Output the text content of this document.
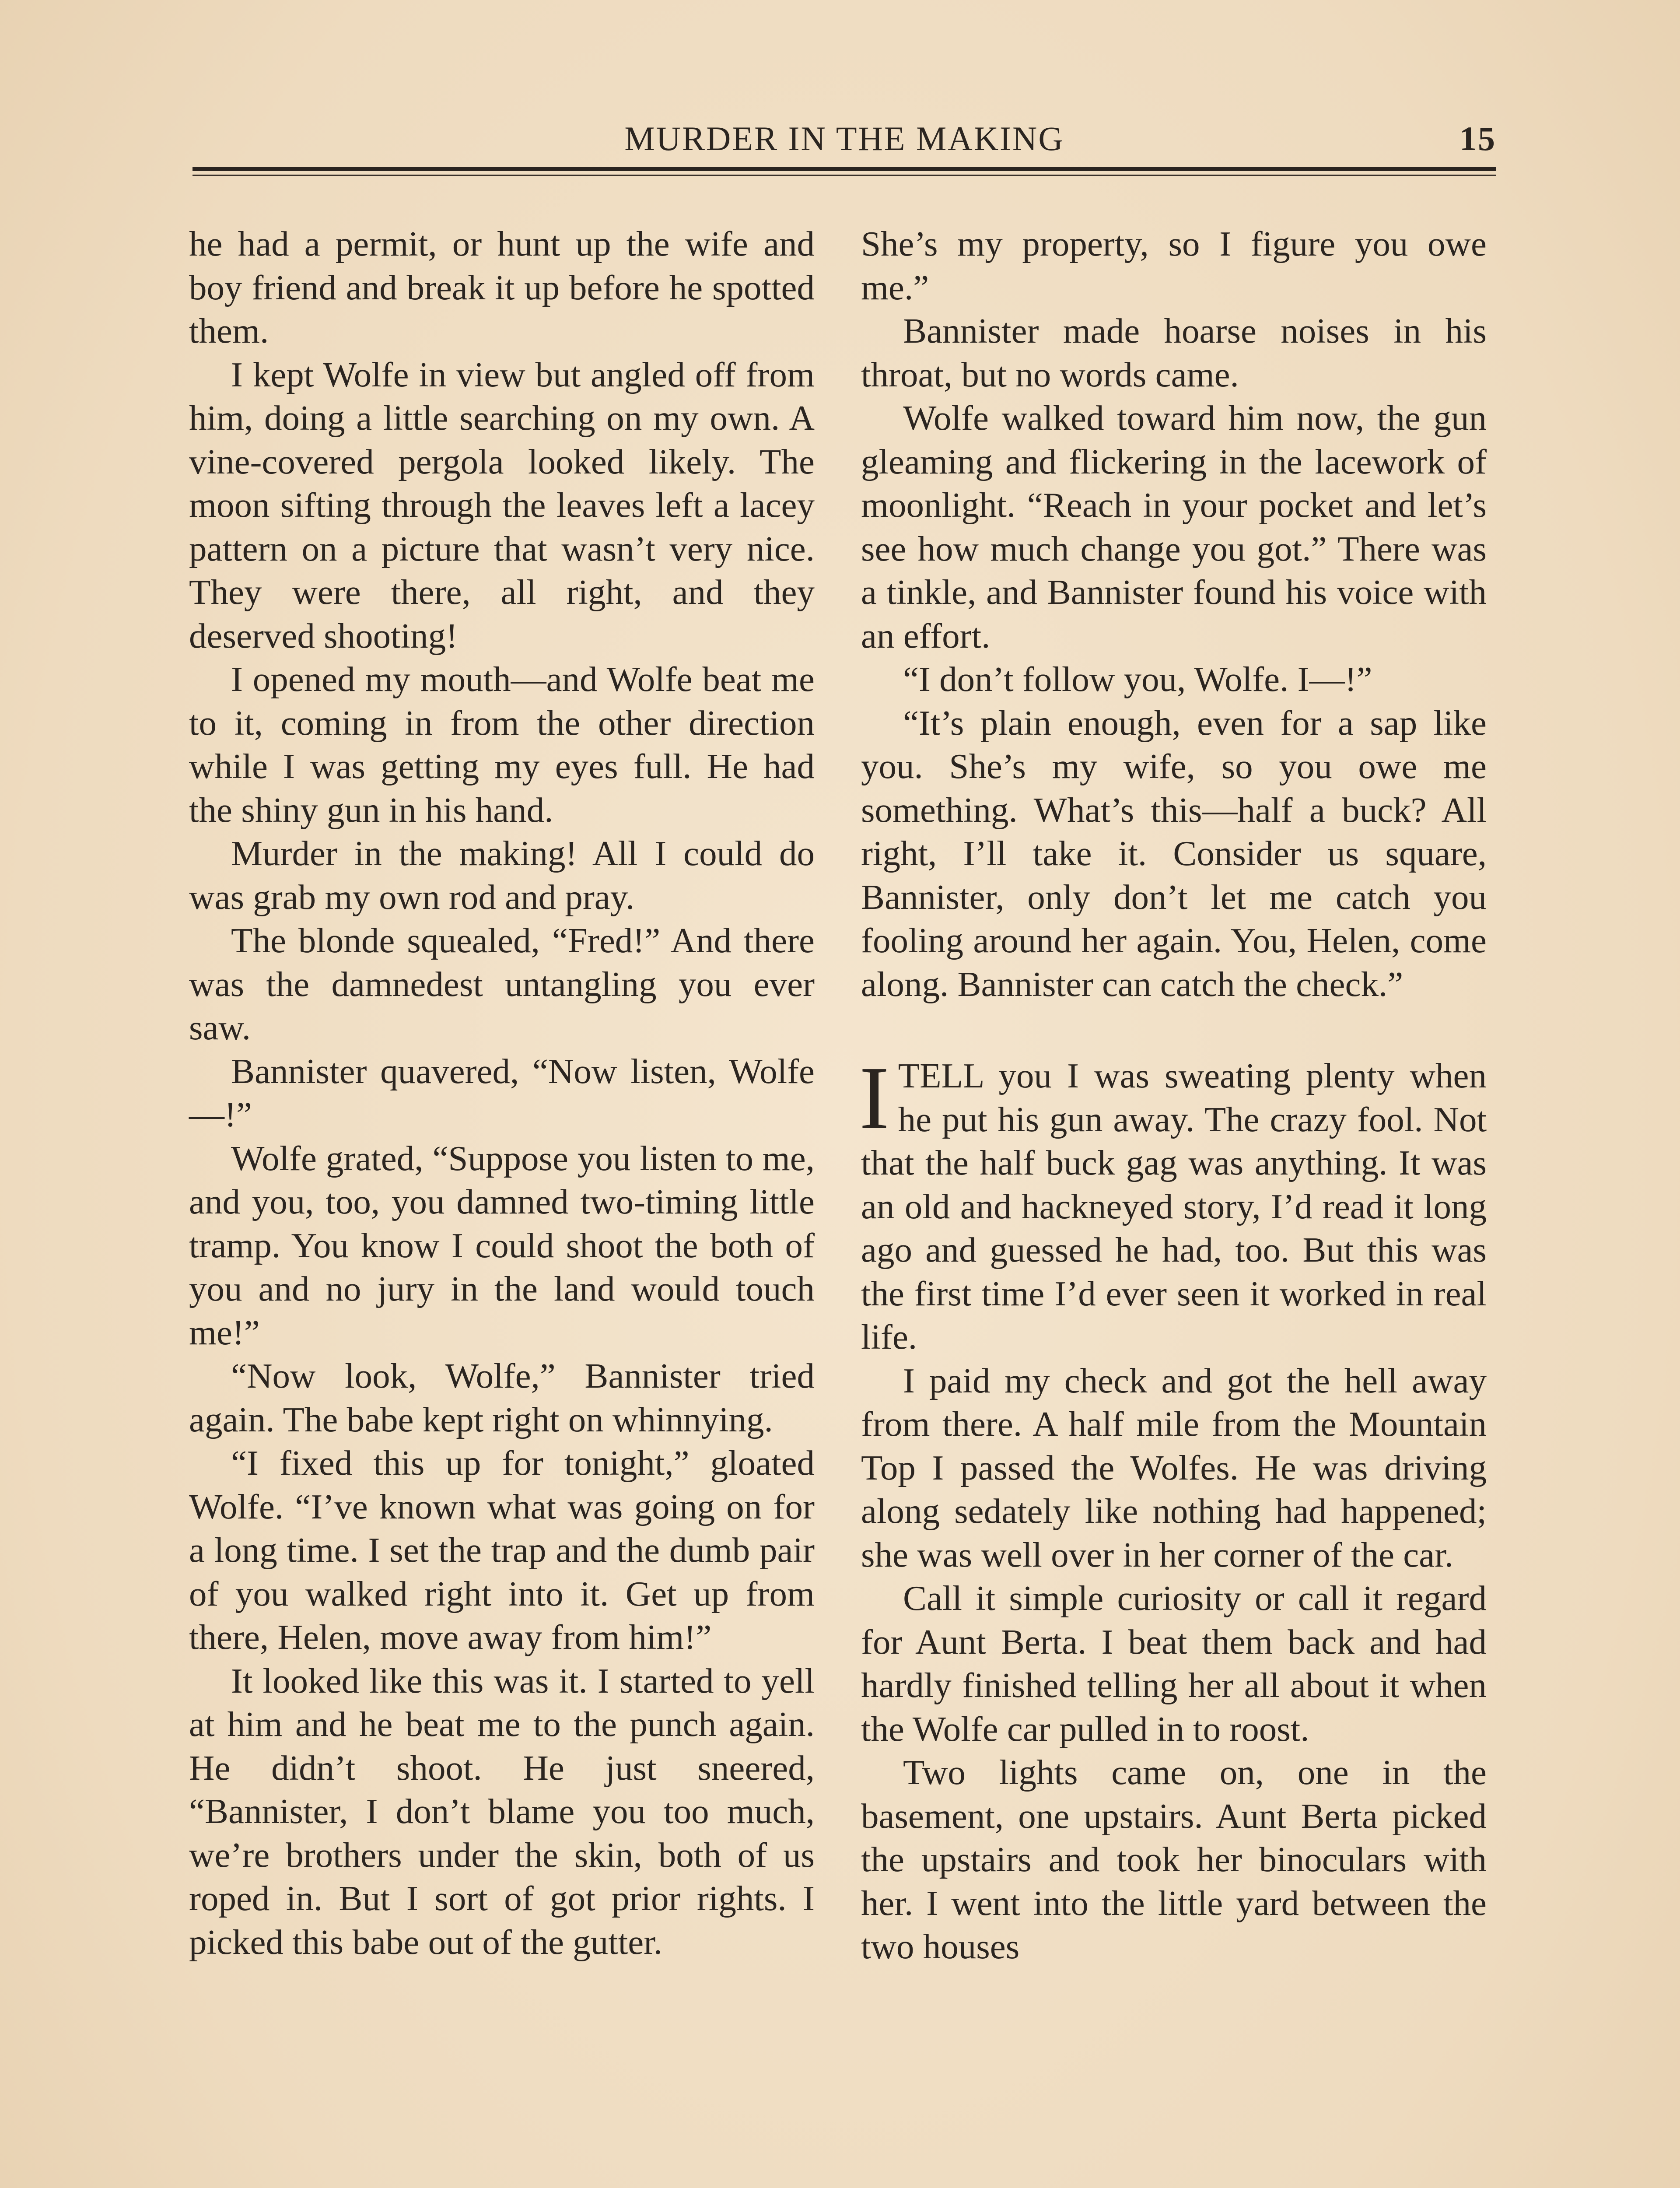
MURDER IN THE MAKING	15

he had a permit, or hunt up the wife and boy friend and break it up before he spotted them.

I kept Wolfe in view but angled off from him, doing a little searching on my own. A vine-covered pergola looked likely. The moon sifting through the leaves left a lacey pattern on a picture that wasn’t very nice. They were there, all right, and they deserved shooting!

I opened my mouth—and Wolfe beat me to it, coming in from the other direction while I was getting my eyes full. He had the shiny gun in his hand.

Murder in the making! All I could do was grab my own rod and pray.

The blonde squealed, “Fred!” And there was the damnedest untangling you ever saw.

Bannister quavered, “Now listen, Wolfe—!”

Wolfe grated, “Suppose you listen to me, and you, too, you damned two-timing little tramp. You know I could shoot the both of you and no jury in the land would touch me!”

“Now look, Wolfe,” Bannister tried again. The babe kept right on whinnying.

“I fixed this up for tonight,” gloated Wolfe. “I’ve known what was going on for a long time. I set the trap and the dumb pair of you walked right into it. Get up from there, Helen, move away from him!”

It looked like this was it. I started to yell at him and he beat me to the punch again. He didn’t shoot. He just sneered, “Bannister, I don’t blame you too much, we’re brothers under the skin, both of us roped in. But I sort of got prior rights. I picked this babe out of the gutter.

She’s my property, so I figure you owe me.”

Bannister made hoarse noises in his throat, but no words came.

Wolfe walked toward him now, the gun gleaming and flickering in the lacework of moonlight. “Reach in your pocket and let’s see how much change you got.” There was a tinkle, and Bannister found his voice with an effort.

“I don’t follow you, Wolfe. I—!”

“It’s plain enough, even for a sap like you. She’s my wife, so you owe me something. What’s this—half a buck? All right, I’ll take it. Consider us square, Bannister, only don’t let me catch you fooling around her again. You, Helen, come along. Bannister can catch the check.”

ITELL you I was sweating plenty when he put his gun away. The crazy fool. Not that the half buck gag was anything. It was an old and hackneyed story, I’d read it long ago and guessed he had, too. But this was the first time I’d ever seen it worked in real life.

I paid my check and got the hell away from there. A half mile from the Mountain Top I passed the Wolfes. He was driving along sedately like nothing had happened; she was well over in her corner of the car.

Call it simple curiosity or call it regard for Aunt Berta. I beat them back and had hardly finished telling her all about it when the Wolfe car pulled in to roost.

Two lights came on, one in the basement, one upstairs. Aunt Berta picked the upstairs and took her binoculars with her. I went into the little yard between the two houses
